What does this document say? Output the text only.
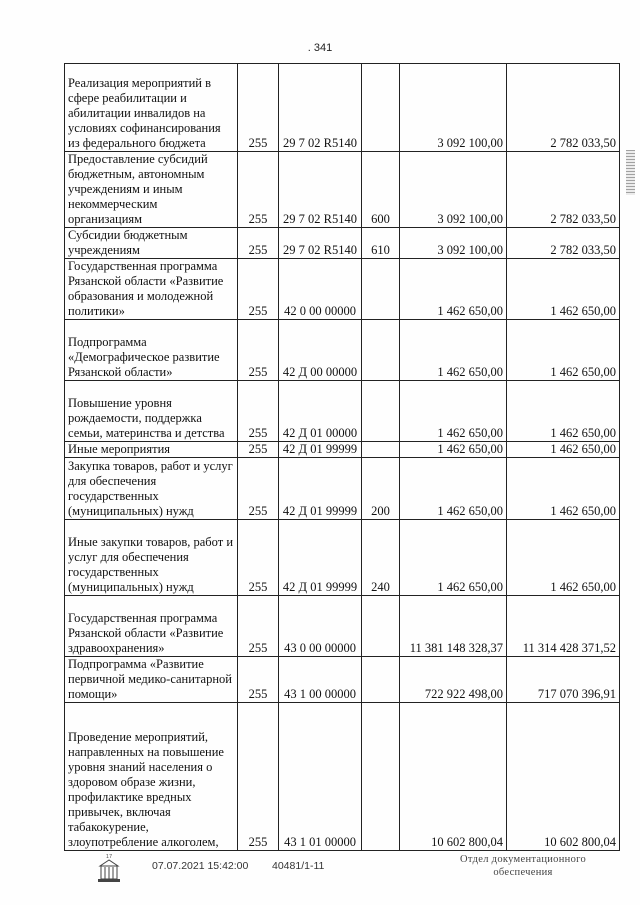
. 341
Реализация мероприятий в сфере реабилитации и абилитации инвалидов на условиях софинансирования из федерального бюджета	255	29 7 02 R5140		3 092 100,00	2 782 033,50
Предоставление субсидий бюджетным, автономным учреждениям и иным некоммерческим организациям	255	29 7 02 R5140	600	3 092 100,00	2 782 033,50
Субсидии бюджетным учреждениям	255	29 7 02 R5140	610	3 092 100,00	2 782 033,50
Государственная программа Рязанской области «Развитие образования и молодежной политики»	255	42 0 00 00000		1 462 650,00	1 462 650,00
Подпрограмма «Демографическое развитие Рязанской области»	255	42 Д 00 00000		1 462 650,00	1 462 650,00
Повышение уровня рождаемости, поддержка семьи, материнства и детства	255	42 Д 01 00000		1 462 650,00	1 462 650,00
Иные мероприятия	255	42 Д 01 99999		1 462 650,00	1 462 650,00
Закупка товаров, работ и услуг для обеспечения государственных (муниципальных) нужд	255	42 Д 01 99999	200	1 462 650,00	1 462 650,00
Иные закупки товаров, работ и услуг для обеспечения государственных (муниципальных) нужд	255	42 Д 01 99999	240	1 462 650,00	1 462 650,00
Государственная программа Рязанской области «Развитие здравоохранения»	255	43 0 00 00000		11 381 148 328,37	11 314 428 371,52
Подпрограмма «Развитие первичной медико-санитарной помощи»	255	43 1 00 00000		722 922 498,00	717 070 396,91
Проведение мероприятий, направленных на повышение уровня знаний населения о здоровом образе жизни, профилактике вредных привычек, включая табакокурение, злоупотребление алкоголем,	255	43 1 01 00000		10 602 800,04	10 602 800,04
17
07.07.2021 15:42:00 40481/1-11
Отдел документационного
обеспечения
